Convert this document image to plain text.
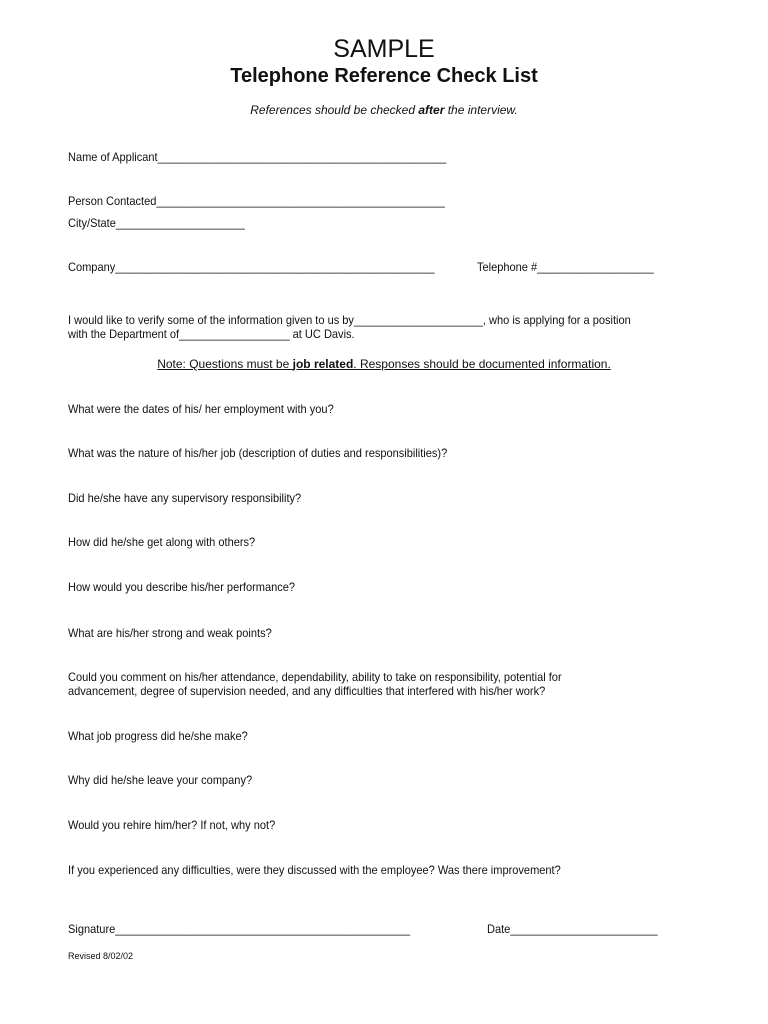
SAMPLE
Telephone Reference Check List
References should be checked after the interview.
Name of Applicant_______________________________________________
Person Contacted_______________________________________________
City/State_____________________
Company____________________________________________________	Telephone #___________________
I would like to verify some of the information given to us by_____________________, who is applying for a position
with the Department of__________________ at UC Davis.
Note: Questions must be job related. Responses should be documented information.
What were the dates of his/ her employment with you?
What was the nature of his/her job (description of duties and responsibilities)?
Did he/she have any supervisory responsibility?
How did he/she get along with others?
How would you describe his/her performance?
What are his/her strong and weak points?
Could you comment on his/her attendance, dependability, ability to take on responsibility, potential for
advancement, degree of supervision needed, and any difficulties that interfered with his/her work?
What job progress did he/she make?
Why did he/she leave your company?
Would you rehire him/her? If not, why not?
If you experienced any difficulties, were they discussed with the employee? Was there improvement?
Signature________________________________________________	Date________________________
Revised 8/02/02
